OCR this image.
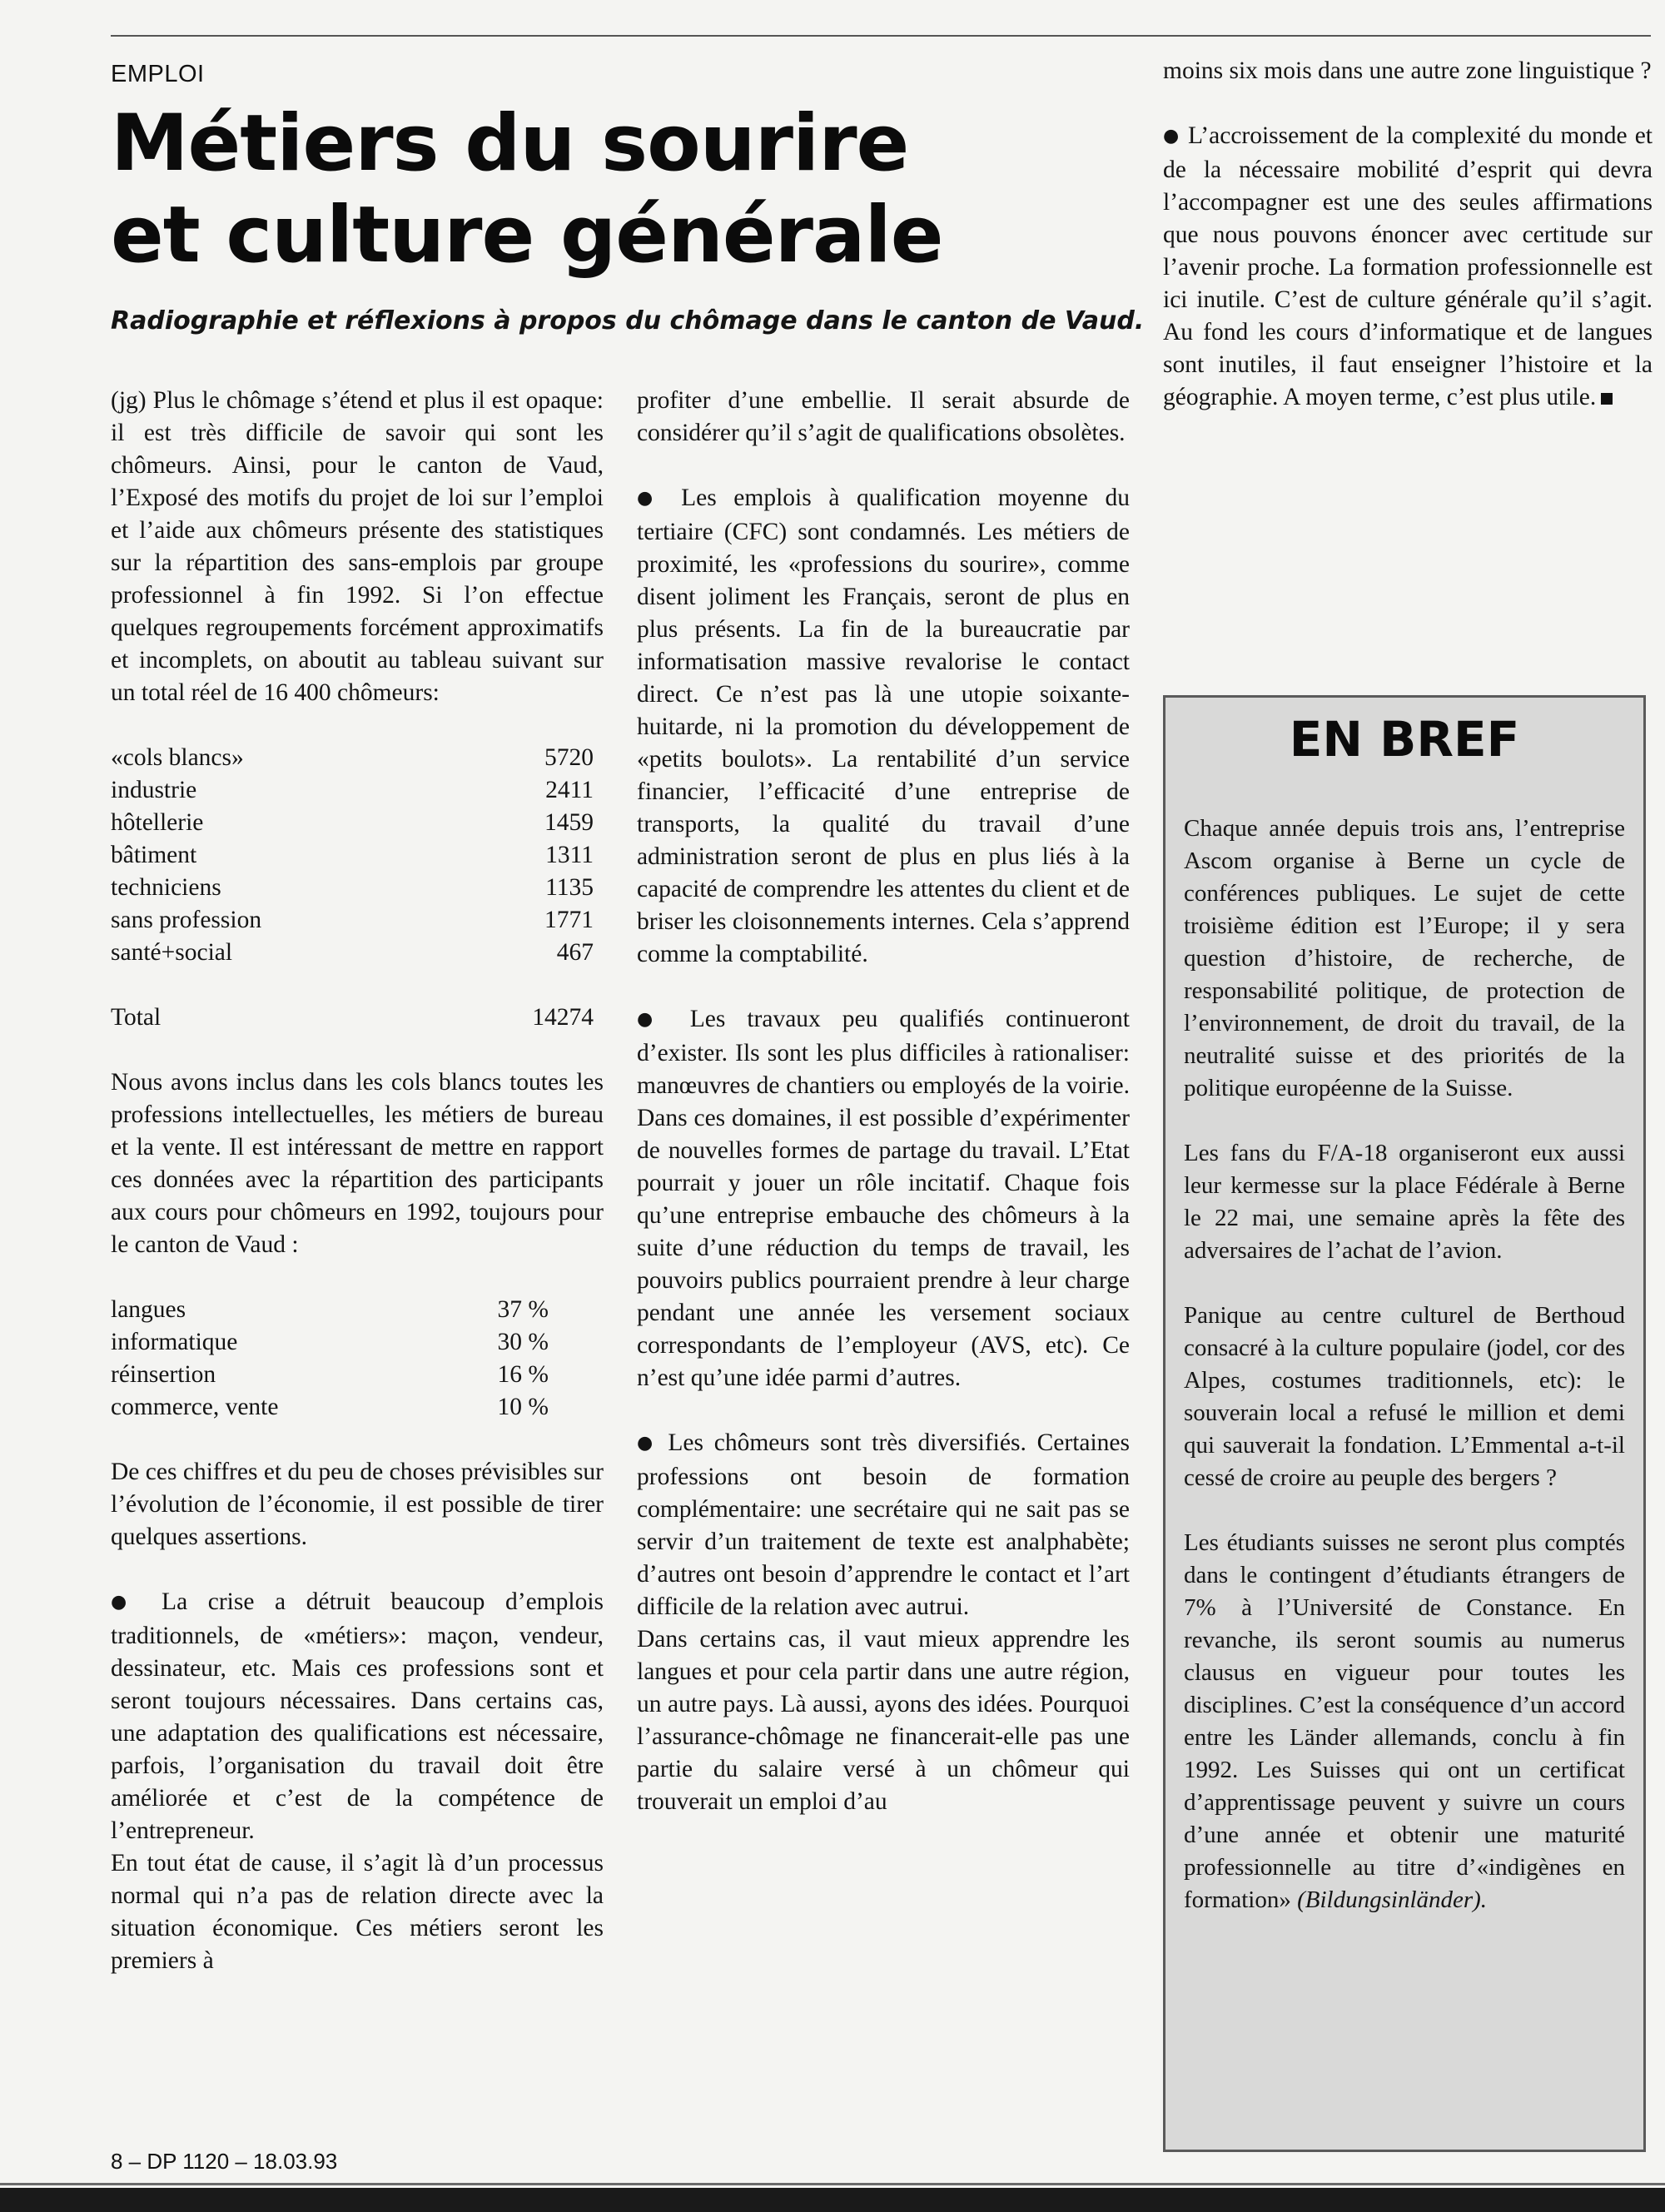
EMPLOI
Métiers du sourire
et culture générale

Radiographie et réflexions à propos du chômage dans le canton de Vaud.

(jg) Plus le chômage s’étend et plus il est opaque: il est très difficile de savoir qui sont les chômeurs. Ainsi, pour le canton de Vaud, l’Exposé des motifs du projet de loi sur l’emploi et l’aide aux chômeurs présente des statistiques sur la répartition des sans-emplois par groupe professionnel à fin 1992. Si l’on effectue quelques regroupements forcément approximatifs et incomplets, on aboutit au tableau suivant sur un total réel de 16 400 chômeurs:

«cols blancs»	5720
industrie	2411
hôtellerie	1459
bâtiment	1311
techniciens	1135
sans profession	1771
santé+social	467
Total	14274

Nous avons inclus dans les cols blancs toutes les professions intellectuelles, les métiers de bureau et la vente. Il est intéressant de mettre en rapport ces données avec la répartition des participants aux cours pour chômeurs en 1992, toujours pour le canton de Vaud :

langues	37 %
informatique	30 %
réinsertion	16 %
commerce, vente	10 %

De ces chiffres et du peu de choses prévisibles sur l’évolution de l’économie, il est possible de tirer quelques assertions.

● La crise a détruit beaucoup d’emplois traditionnels, de «métiers»: maçon, vendeur, dessinateur, etc. Mais ces professions sont et seront toujours nécessaires. Dans certains cas, une adaptation des qualifications est nécessaire, parfois, l’organisation du travail doit être améliorée et c’est de la compétence de l’entrepreneur.

En tout état de cause, il s’agit là d’un processus normal qui n’a pas de relation directe avec la situation économique. Ces métiers seront les premiers à

profiter d’une embellie. Il serait absurde de considérer qu’il s’agit de qualifications obsolètes.

● Les emplois à qualification moyenne du tertiaire (CFC) sont condamnés. Les métiers de proximité, les «professions du sourire», comme disent joliment les Français, seront de plus en plus présents. La fin de la bureaucratie par informatisation massive revalorise le contact direct. Ce n’est pas là une utopie soixante-huitarde, ni la promotion du développement de «petits boulots». La rentabilité d’un service financier, l’efficacité d’une entreprise de transports, la qualité du travail d’une administration seront de plus en plus liés à la capacité de comprendre les attentes du client et de briser les cloisonnements internes. Cela s’apprend comme la comptabilité.

● Les travaux peu qualifiés continueront d’exister. Ils sont les plus difficiles à rationaliser: manœuvres de chantiers ou employés de la voirie. Dans ces domaines, il est possible d’expérimenter de nouvelles formes de partage du travail. L’Etat pourrait y jouer un rôle incitatif. Chaque fois qu’une entreprise embauche des chômeurs à la suite d’une réduction du temps de travail, les pouvoirs publics pourraient prendre à leur charge pendant une année les versement sociaux correspondants de l’employeur (AVS, etc). Ce n’est qu’une idée parmi d’autres.

● Les chômeurs sont très diversifiés. Certaines professions ont besoin de formation complémentaire: une secrétaire qui ne sait pas se servir d’un traitement de texte est analphabète; d’autres ont besoin d’apprendre le contact et l’art difficile de la relation avec autrui.

Dans certains cas, il vaut mieux apprendre les langues et pour cela partir dans une autre région, un autre pays. Là aussi, ayons des idées. Pourquoi l’assurance-chômage ne financerait-elle pas une partie du salaire versé à un chômeur qui trouverait un emploi d’au

moins six mois dans une autre zone linguistique ?

● L’accroissement de la complexité du monde et de la nécessaire mobilité d’esprit qui devra l’accompagner est une des seules affirmations que nous pouvons énoncer avec certitude sur l’avenir proche. La formation professionnelle est ici inutile. C’est de culture générale qu’il s’agit. Au fond les cours d’informatique et de langues sont inutiles, il faut enseigner l’histoire et la géographie. A moyen terme, c’est plus utile.

EN BREF

Chaque année depuis trois ans, l’entreprise Ascom organise à Berne un cycle de conférences publiques. Le sujet de cette troisième édition est l’Europe; il y sera question d’histoire, de recherche, de responsabilité politique, de protection de l’environnement, de droit du travail, de la neutralité suisse et des priorités de la politique européenne de la Suisse.

Les fans du F/A-18 organiseront eux aussi leur kermesse sur la place Fédérale à Berne le 22 mai, une semaine après la fête des adversaires de l’achat de l’avion.

Panique au centre culturel de Berthoud consacré à la culture populaire (jodel, cor des Alpes, costumes traditionnels, etc): le souverain local a refusé le million et demi qui sauverait la fondation. L’Emmental a-t-il cessé de croire au peuple des bergers ?

Les étudiants suisses ne seront plus comptés dans le contingent d’étudiants étrangers de 7% à l’Université de Constance. En revanche, ils seront soumis au numerus clausus en vigueur pour toutes les disciplines. C’est la conséquence d’un accord entre les Länder allemands, conclu à fin 1992. Les Suisses qui ont un certificat d’apprentissage peuvent y suivre un cours d’une année et obtenir une maturité professionnelle au titre d’«indigènes en formation» (Bildungsinländer).

8 – DP 1120 – 18.03.93
